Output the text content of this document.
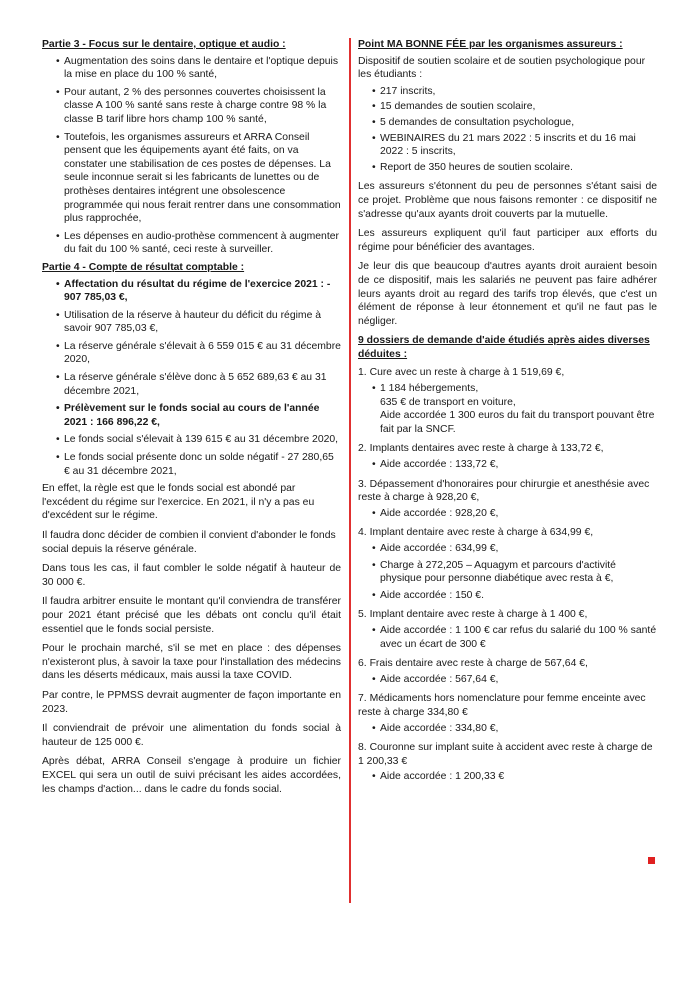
Partie 3 - Focus sur le dentaire, optique et audio :
• Augmentation des soins dans le dentaire et l'optique depuis la mise en place du 100 % santé,
• Pour autant, 2 % des personnes couvertes choisissent la classe A 100 % santé sans reste à charge contre 98 % la classe B tarif libre hors champ 100 % santé,
• Toutefois, les organismes assureurs et ARRA Conseil pensent que les équipements ayant été faits, on va constater une stabilisation de ces postes de dépenses. La seule inconnue serait si les fabricants de lunettes ou de prothèses dentaires intégrent une obsolescence programmée qui nous ferait rentrer dans une consommation plus rapprochée,
• Les dépenses en audio-prothèse commencent à augmenter du fait du 100 % santé, ceci reste à surveiller.
Partie 4 - Compte de résultat comptable :
• Affectation du résultat du régime de l'exercice 2021 : - 907 785,03 €,
• Utilisation de la réserve à hauteur du déficit du régime à savoir 907 785,03 €,
• La réserve générale s'élevait à 6 559 015 € au 31 décembre 2020,
• La réserve générale s'élève donc à 5 652 689,63 € au 31 décembre 2021,
• Prélèvement sur le fonds social au cours de l'année 2021 : 166 896,22 €,
• Le fonds social s'élevait à 139 615 € au 31 décembre 2020,
• Le fonds social présente donc un solde négatif - 27 280,65 € au 31 décembre 2021,

En effet, la règle est que le fonds social est abondé par l'excédent du régime sur l'exercice. En 2021, il n'y a pas eu d'excédent sur le régime.

Il faudra donc décider de combien il convient d'abonder le fonds social depuis la réserve générale.

Dans tous les cas, il faut combler le solde négatif à hauteur de 30 000 €.

Il faudra arbitrer ensuite le montant qu'il conviendra de transférer pour 2021 étant précisé que les débats ont conclu qu'il était essentiel que le fonds social persiste.

Pour le prochain marché, s'il se met en place : des dépenses n'existeront plus, à savoir la taxe pour l'installation des médecins dans les déserts médicaux, mais aussi la taxe COVID.

Par contre, le PPMSS devrait augmenter de façon importante en 2023.

Il conviendrait de prévoir une alimentation du fonds social à hauteur de 125 000 €.

Après débat, ARRA Conseil s'engage à produire un fichier EXCEL qui sera un outil de suivi précisant les aides accordées, les champs d'action... dans le cadre du fonds social.

Point MA BONNE FÉE par les organismes assureurs :

Dispositif de soutien scolaire et de soutien psychologique pour les étudiants :

• 217 inscrits,
• 15 demandes de soutien scolaire,
• 5 demandes de consultation psychologue,
• WEBINAIRES du 21 mars 2022 : 5 inscrits et du 16 mai 2022 : 5 inscrits,
• Report de 350 heures de soutien scolaire.

Les assureurs s'étonnent du peu de personnes s'étant saisi de ce projet. Problème que nous faisons remonter : ce dispositif ne s'adresse qu'aux ayants droit couverts par la mutuelle.

Les assureurs expliquent qu'il faut participer aux efforts du régime pour bénéficier des avantages.

Je leur dis que beaucoup d'autres ayants droit auraient besoin de ce dispositif, mais les salariés ne peuvent pas faire adhérer leurs ayants droit au regard des tarifs trop élevés, que c'est un élément de réponse à leur étonnement et qu'il ne faut pas le négliger.

9 dossiers de demande d'aide étudiés après aides diverses déduites :
1. Cure avec un reste à charge à 1 519,69 €,
• 1 184 hébergements,
635 € de transport en voiture,
Aide accordée 1 300 euros du fait du transport pouvant être fait par la SNCF.
2. Implants dentaires avec reste à charge à 133,72 €,
• Aide accordée : 133,72 €,
3. Dépassement d'honoraires pour chirurgie et anesthésie avec reste à charge à 928,20 €,
• Aide accordée : 928,20 €,
4. Implant dentaire avec reste à charge à 634,99 €,
• Aide accordée : 634,99 €,
• Charge à 272,205 – Aquagym et parcours d'activité physique pour personne diabétique avec resta à €,
• Aide accordée : 150 €.
5. Implant dentaire avec reste à charge à 1 400 €,
• Aide accordée : 1 100 € car refus du salarié du 100 % santé avec un écart de 300 €
6. Frais dentaire avec reste à charge de 567,64 €,
• Aide accordée : 567,64 €,
7. Médicaments hors nomenclature pour femme enceinte avec reste à charge 334,80 €
• Aide accordée : 334,80 €,
8. Couronne sur implant suite à accident avec reste à charge de 1 200,33 €
• Aide accordée : 1 200,33 €
